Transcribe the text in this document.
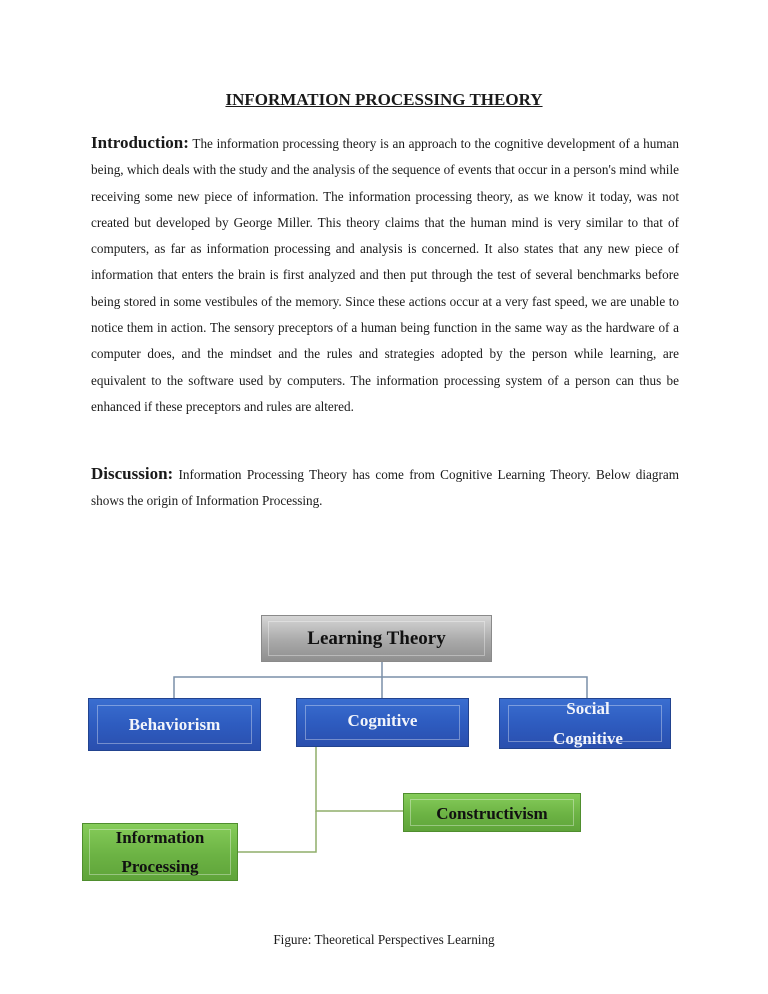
INFORMATION PROCESSING THEORY

Introduction: The information processing theory is an approach to the cognitive development of a human being, which deals with the study and the analysis of the sequence of events that occur in a person's mind while receiving some new piece of information. The information processing theory, as we know it today, was not created but developed by George Miller. This theory claims that the human mind is very similar to that of computers, as far as information processing and analysis is concerned. It also states that any new piece of information that enters the brain is first analyzed and then put through the test of several benchmarks before being stored in some vestibules of the memory. Since these actions occur at a very fast speed, we are unable to notice them in action. The sensory preceptors of a human being function in the same way as the hardware of a computer does, and the mindset and the rules and strategies adopted by the person while learning, are equivalent to the software used by computers. The information processing system of a person can thus be enhanced if these preceptors and rules are altered.

Discussion: Information Processing Theory has come from Cognitive Learning Theory. Below diagram shows the origin of Information Processing.

Learning Theory
Behaviorism	Cognitive
Social
Cognitive
Constructivism
Information
Processing
Figure: Theoretical Perspectives Learning
